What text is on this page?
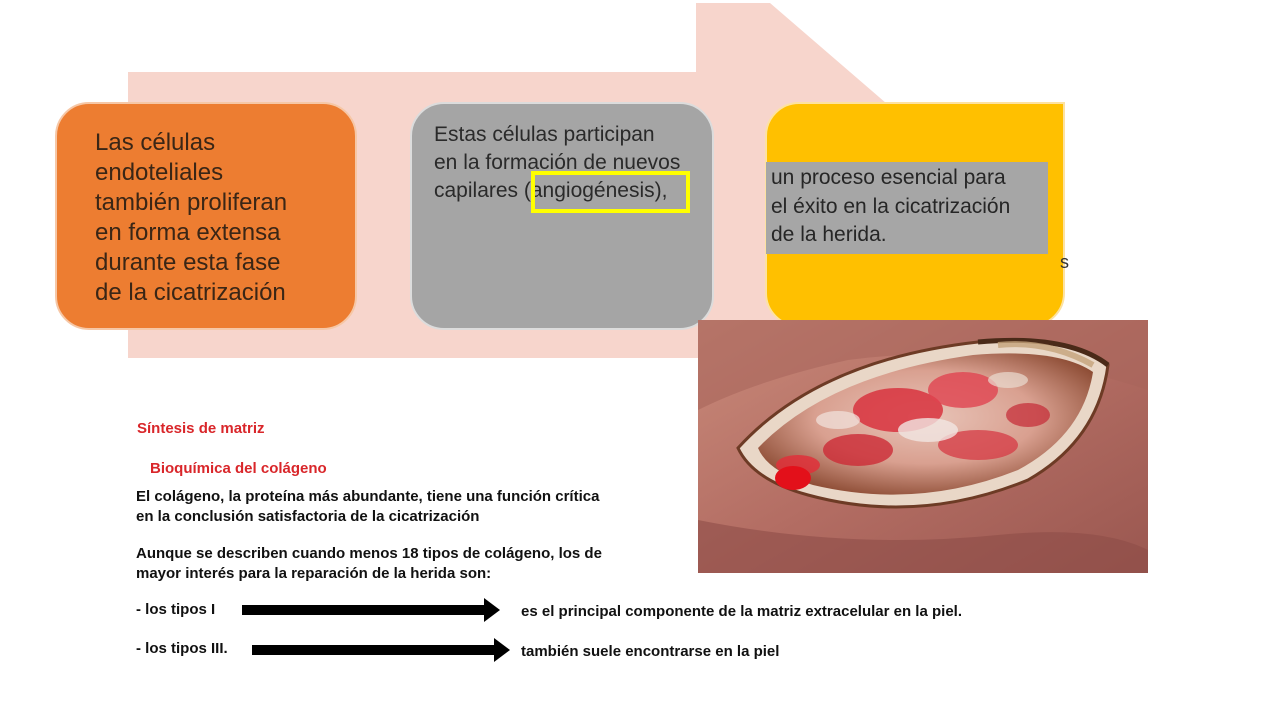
Las células
endoteliales
también proliferan
en forma extensa
durante esta fase
de la cicatrización
Estas células participan
en la formación de nuevos
capilares (angiogénesis),
un proceso esencial para
el éxito en la cicatrización
de la herida.
s
Síntesis de matriz
Bioquímica del colágeno
El colágeno, la proteína más abundante, tiene una función crítica
en la conclusión satisfactoria de la cicatrización
Aunque se describen cuando menos 18 tipos de colágeno, los de
mayor interés para la reparación de la herida son:
- los tipos I	es el principal componente de la matriz extracelular en la piel.
- los tipos III.	también suele encontrarse en la piel
